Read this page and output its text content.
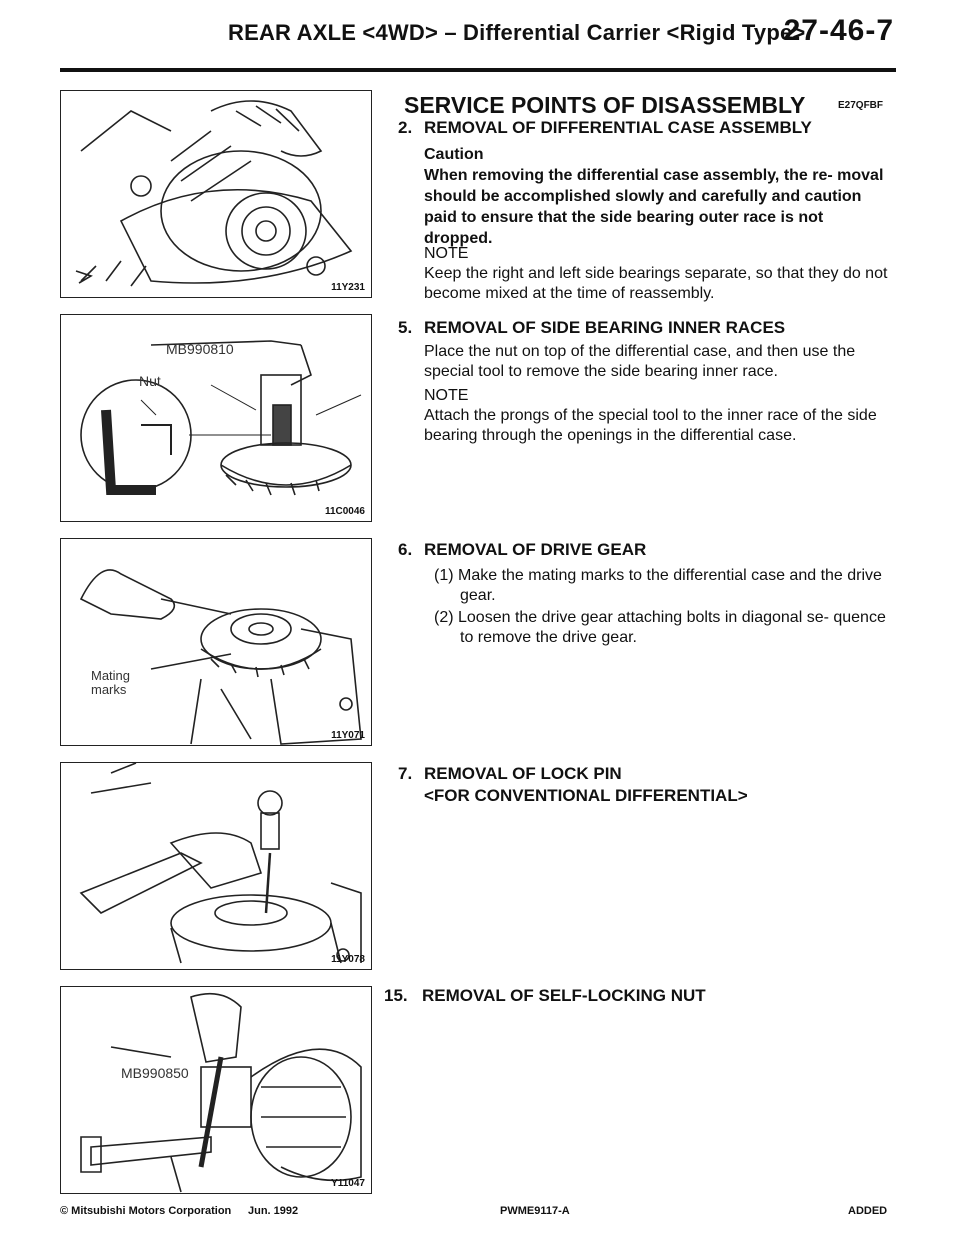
REAR AXLE <4WD> – Differential Carrier <Rigid Type>
27-46-7
11Y231
MB990810
Nut
11C0046
Mating marks
11Y071
11Y078
MB990850
Y11047
SERVICE POINTS OF DISASSEMBLY	E27QFBF
2. REMOVAL OF DIFFERENTIAL CASE ASSEMBLY
Caution
When removing the differential case assembly, the re- moval should be accomplished slowly and carefully and caution paid to ensure that the side bearing outer race is not dropped.
NOTE
Keep the right and left side bearings separate, so that they do not become mixed at the time of reassembly.
5. REMOVAL OF SIDE BEARING INNER RACES
Place the nut on top of the differential case, and then use the special tool to remove the side bearing inner race.
NOTE
Attach the prongs of the special tool to the inner race of the side bearing through the openings in the differential case.
6. REMOVAL OF DRIVE GEAR
(1) Make the mating marks to the differential case and the drive gear.
(2) Loosen the drive gear attaching bolts in diagonal se- quence to remove the drive gear.
7. REMOVAL OF LOCK PIN
<FOR CONVENTIONAL DIFFERENTIAL>
15. REMOVAL OF SELF-LOCKING NUT
© Mitsubishi Motors Corporation Jun. 1992	PWME9117-A	ADDED
